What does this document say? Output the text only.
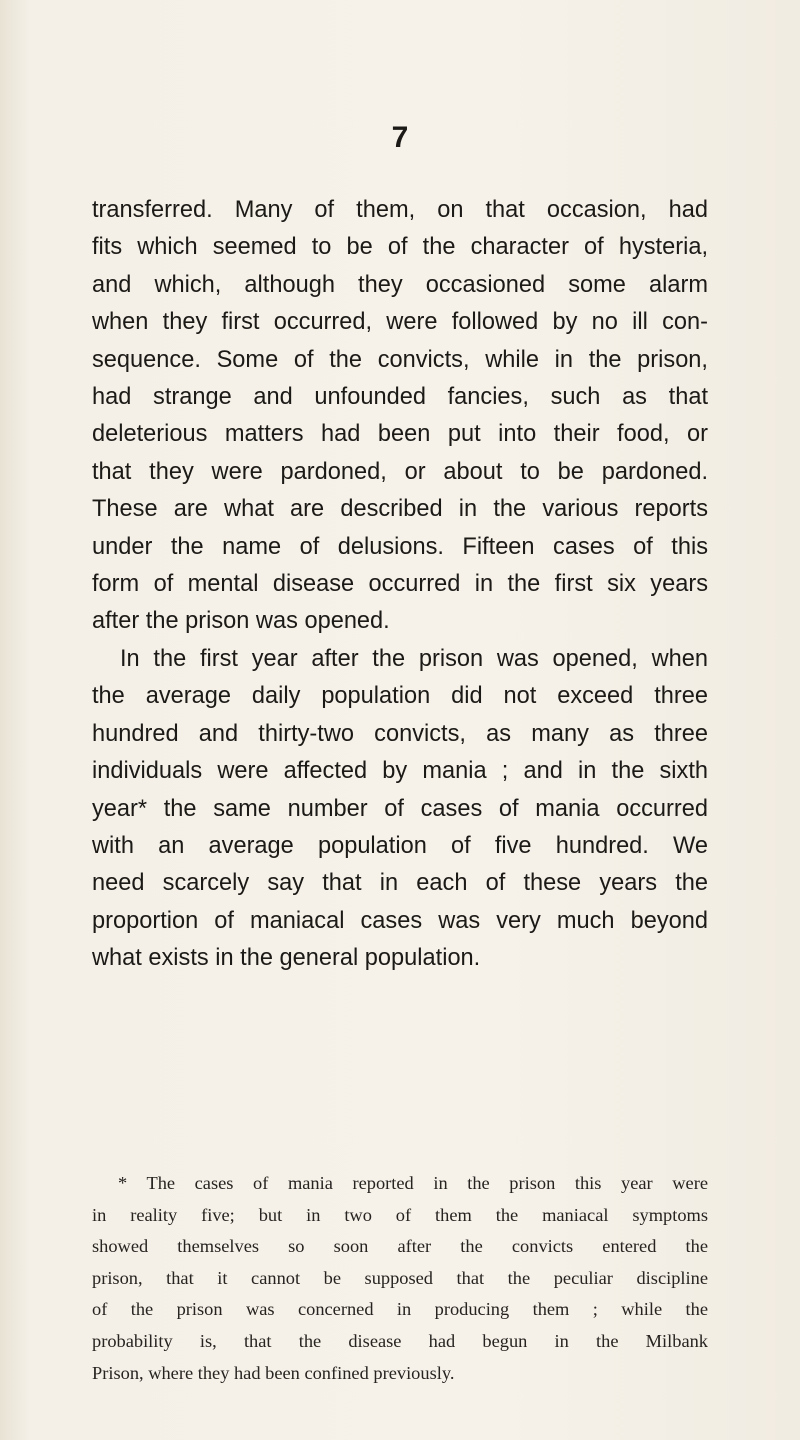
7
transferred. Many of them, on that occasion, had
fits which seemed to be of the character of hysteria,
and which, although they occasioned some alarm
when they first occurred, were followed by no ill con-
sequence. Some of the convicts, while in the prison,
had strange and unfounded fancies, such as that
deleterious matters had been put into their food, or
that they were pardoned, or about to be pardoned.
These are what are described in the various reports
under the name of delusions. Fifteen cases of this
form of mental disease occurred in the first six years
after the prison was opened.
In the first year after the prison was opened, when
the average daily population did not exceed three
hundred and thirty-two convicts, as many as three
individuals were affected by mania ; and in the sixth
year* the same number of cases of mania occurred
with an average population of five hundred. We
need scarcely say that in each of these years the
proportion of maniacal cases was very much beyond
what exists in the general population.
* The cases of mania reported in the prison this year were
in reality five; but in two of them the maniacal symptoms
showed themselves so soon after the convicts entered the
prison, that it cannot be supposed that the peculiar discipline
of the prison was concerned in producing them ; while the
probability is, that the disease had begun in the Milbank
Prison, where they had been confined previously.
